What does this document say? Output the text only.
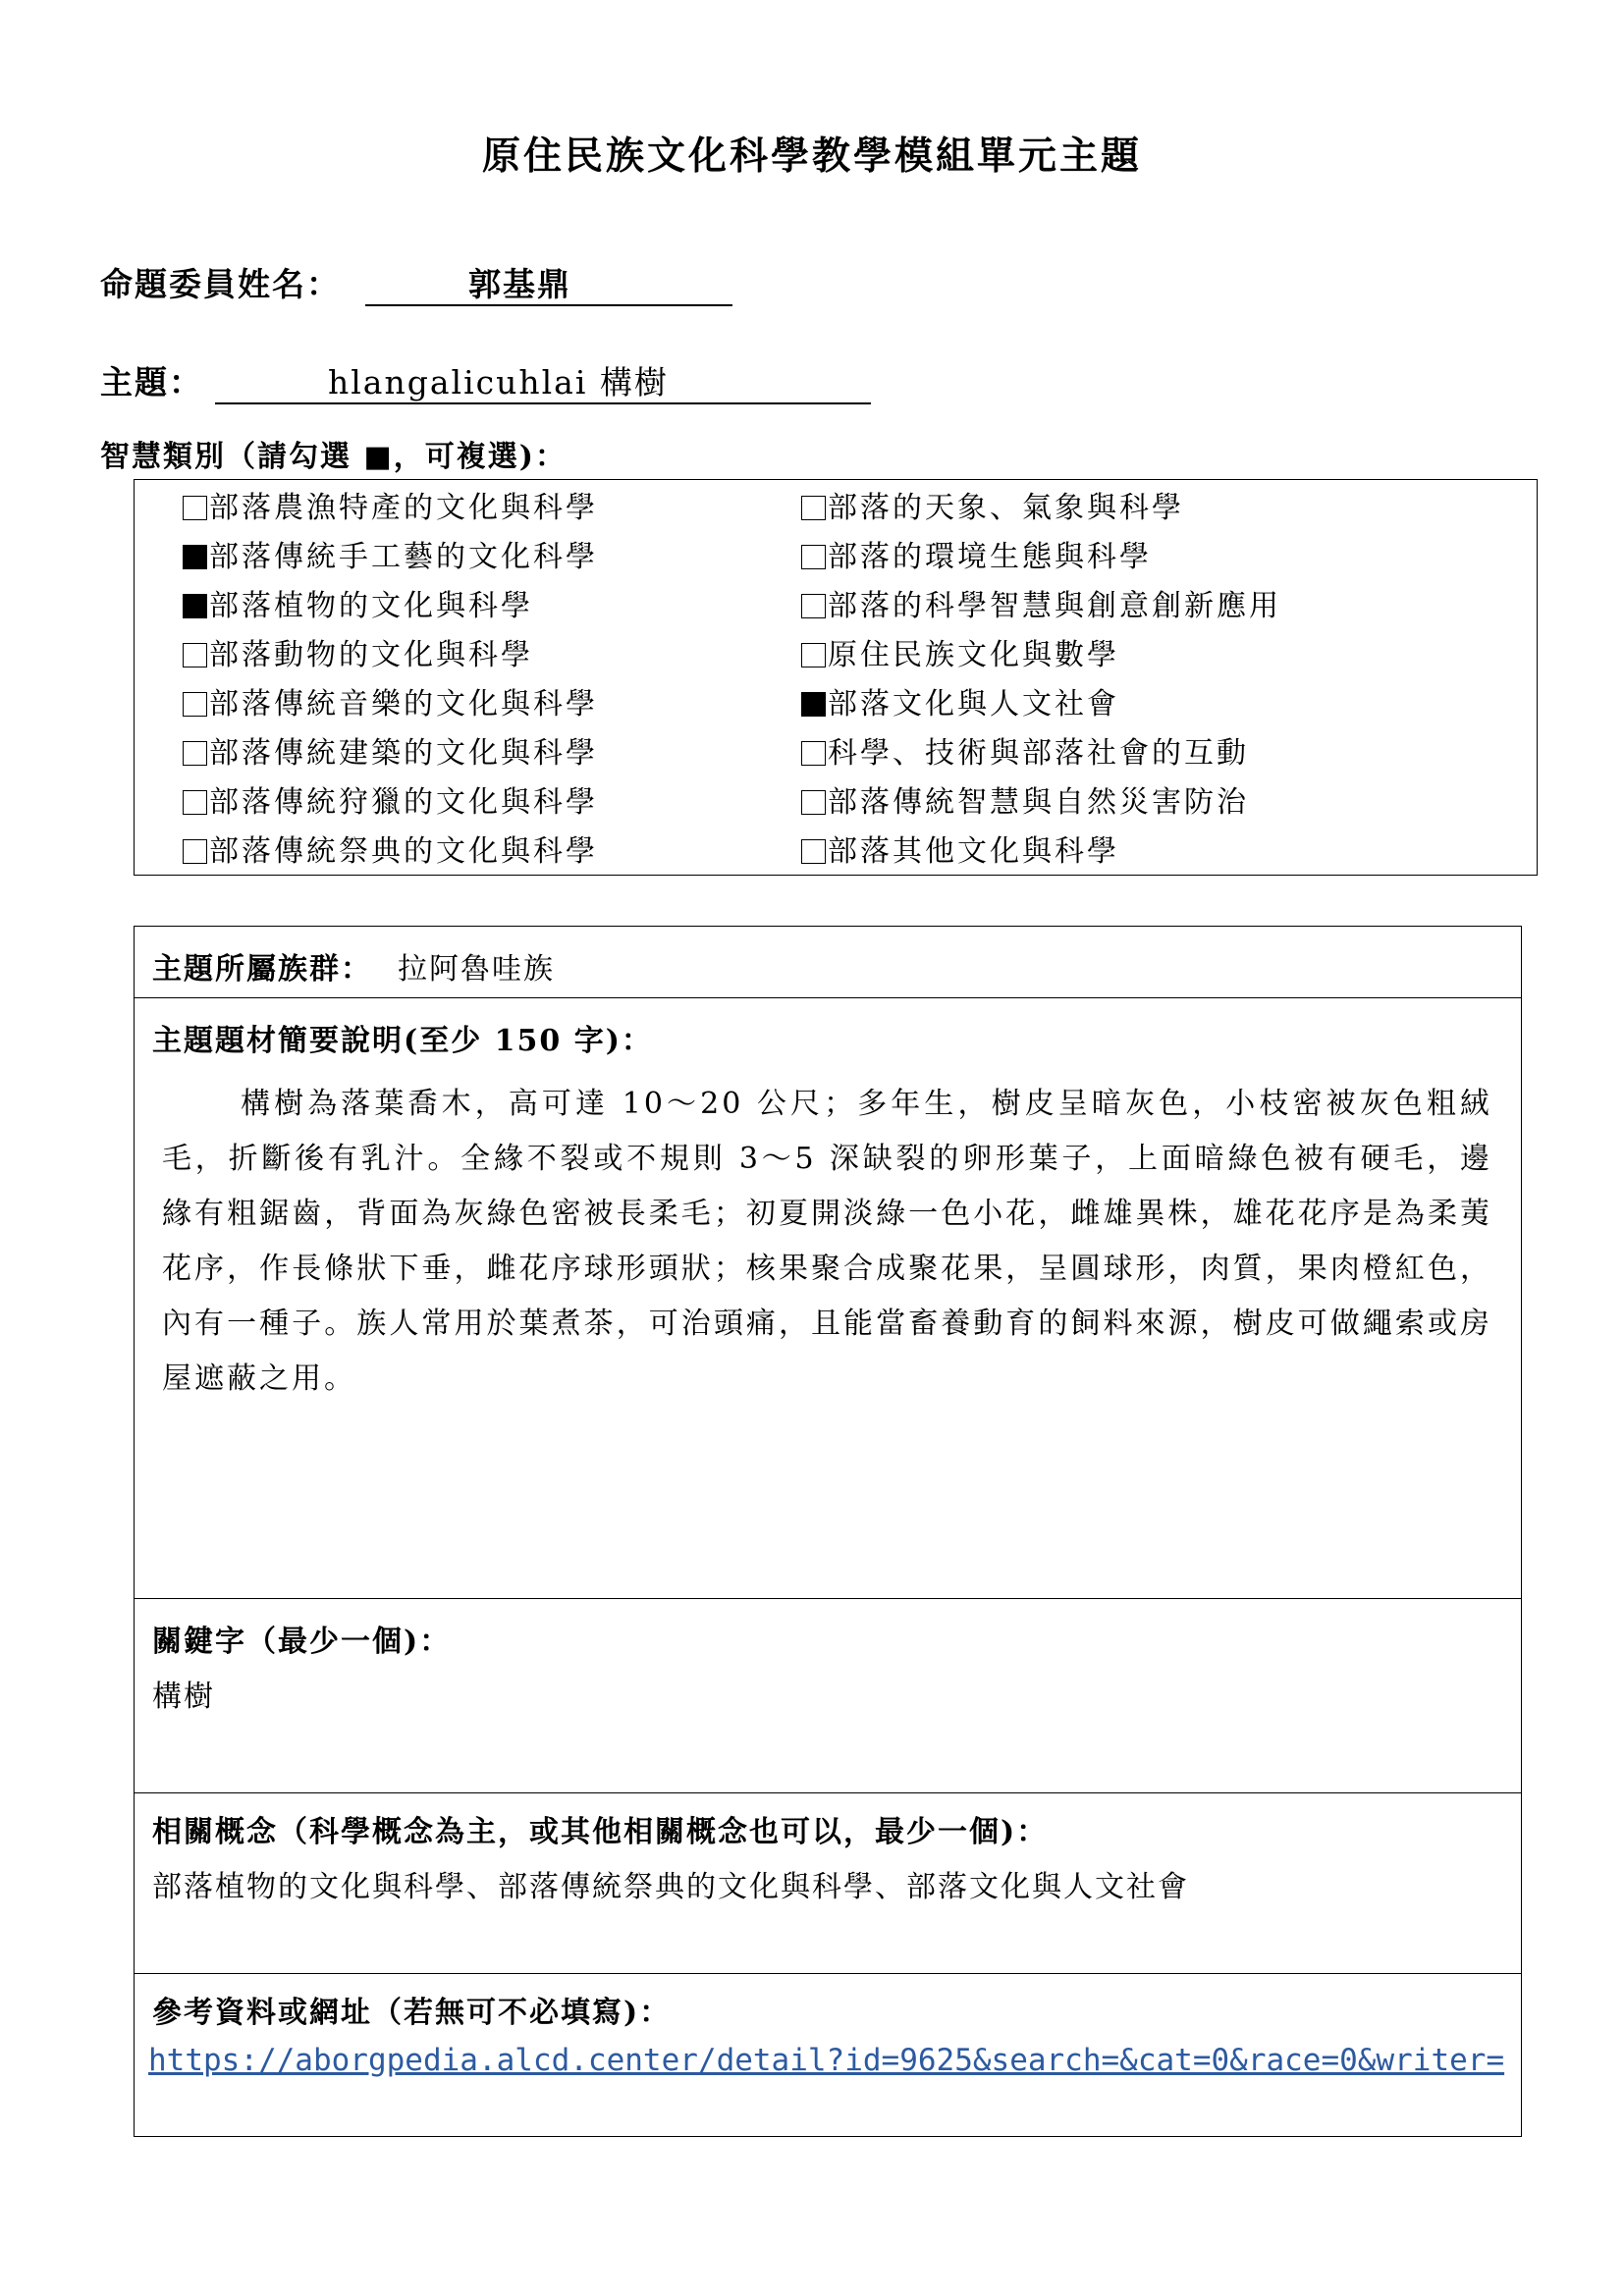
原住民族文化科學教學模組單元主題
命題委員姓名：	郭基鼎
主題：	hlangalicuhlai 構樹
智慧類別（請勾選 ■，可複選)：
部落農漁特產的文化與科學
部落傳統手工藝的文化科學
部落植物的文化與科學
部落動物的文化與科學
部落傳統音樂的文化與科學
部落傳統建築的文化與科學
部落傳統狩獵的文化與科學
部落傳統祭典的文化與科學
部落的天象、氣象與科學
部落的環境生態與科學
部落的科學智慧與創意創新應用
原住民族文化與數學
部落文化與人文社會
科學、技術與部落社會的互動
部落傳統智慧與自然災害防治
部落其他文化與科學
主題所屬族群： 拉阿魯哇族
主題題材簡要說明(至少 150 字)：
構樹為落葉喬木，高可達 10～20 公尺；多年生，樹皮呈暗灰色，小枝密被灰色粗絨毛，折斷後有乳汁。全緣不裂或不規則 3～5 深缺裂的卵形葉子，上面暗綠色被有硬毛，邊緣有粗鋸齒，背面為灰綠色密被長柔毛；初夏開淡綠一色小花，雌雄異株，雄花花序是為柔荑花序，作長條狀下垂，雌花序球形頭狀；核果聚合成聚花果，呈圓球形，肉質，果肉橙紅色，內有一種子。族人常用於葉煮茶，可治頭痛，且能當畜養動育的飼料來源，樹皮可做繩索或房屋遮蔽之用。
關鍵字（最少一個)：
構樹
相關概念（科學概念為主，或其他相關概念也可以，最少一個)：
部落植物的文化與科學、部落傳統祭典的文化與科學、部落文化與人文社會
參考資料或網址（若無可不必填寫)：
https://aborgpedia.alcd.center/detail?id=9625&search=&cat=0&race=0&writer=
